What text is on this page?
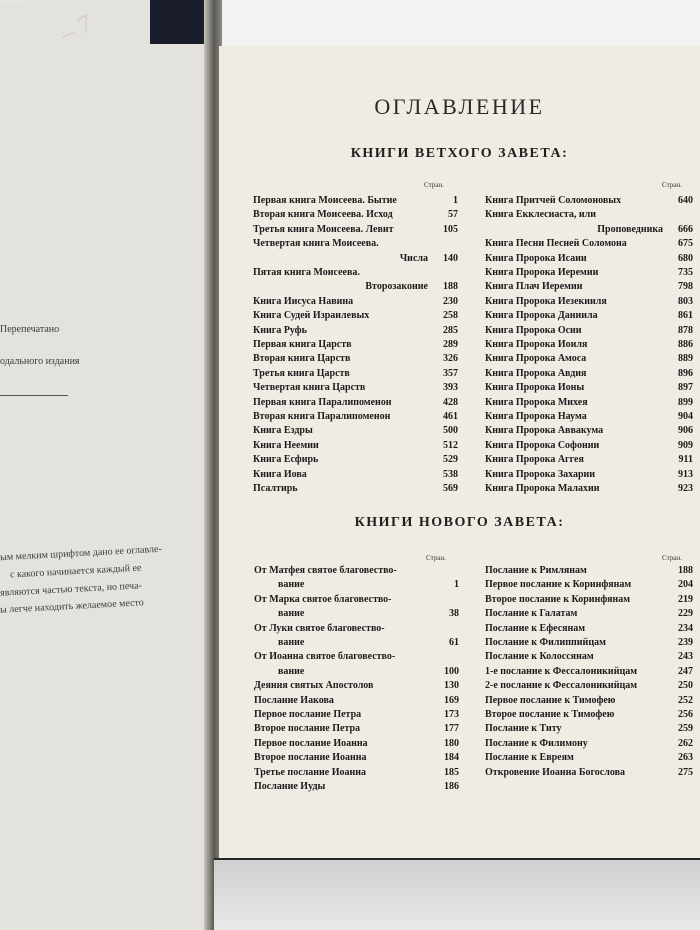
– 7
Перепечатано
одального издания
ым мелким шрифтом дано ее оглавле-
с какого начинается каждый ее
являются частью текста, но печа-
ы легче находить желаемое место
ОГЛАВЛЕНИЕ
КНИГИ ВЕТХОГО ЗАВЕТА:
Стран.	Стран.
Первая книга Моисеева. Бытие	1
Вторая книга Моисеева. Исход	57
Третья книга Моисеева. Левит	105
Четвертая книга Моисеева.
Числа 140
Пятая книга Моисеева.
Второзаконие 188
Книга Иисуса Навина	230
Книга Судей Израилевых	258
Книга Руфь	285
Первая книга Царств	289
Вторая книга Царств	326
Третья книга Царств	357
Четвертая книга Царств	393
Первая книга Паралипоменон	428
Вторая книга Паралипоменон	461
Книга Ездры	500
Книга Неемии	512
Книга Есфирь	529
Книга Иова	538
Псалтирь	569
Книга Притчей Соломоновых	640
Книга Екклесиаста, или
Проповедника 666
Книга Песни Песней Соломона	675
Книга Пророка Исаии	680
Книга Пророка Иеремии	735
Книга Плач Иеремии	798
Книга Пророка Иезекииля	803
Книга Пророка Даниила	861
Книга Пророка Осии	878
Книга Пророка Иоиля	886
Книга Пророка Амоса	889
Книга Пророка Авдия	896
Книга Пророка Ионы	897
Книга Пророка Михея	899
Книга Пророка Наума	904
Книга Пророка Аввакума	906
Книга Пророка Софонии	909
Книга Пророка Аггея	911
Книга Пророка Захарии	913
Книга Пророка Малахии	923
КНИГИ НОВОГО ЗАВЕТА:
Стран.	Стран.
От Матфея святое благовество-
вание	1
От Марка святое благовество-
вание	38
От Луки святое благовество-
вание	61
От Иоанна святое благовество-
вание	100
Деяния святых Апостолов	130
Послание Иакова	169
Первое послание Петра	173
Второе послание Петра	177
Первое послание Иоанна	180
Второе послание Иоанна	184
Третье послание Иоанна	185
Послание Иуды	186
Послание к Римлянам	188
Первое послание к Коринфянам	204
Второе послание к Коринфянам	219
Послание к Галатам	229
Послание к Ефесянам	234
Послание к Филиппийцам	239
Послание к Колоссянам	243
1-е послание к Фессалоникийцам	247
2-е послание к Фессалоникийцам	250
Первое послание к Тимофею	252
Второе послание к Тимофею	256
Послание к Титу	259
Послание к Филимону	262
Послание к Евреям	263
Откровение Иоанна Богослова	275
